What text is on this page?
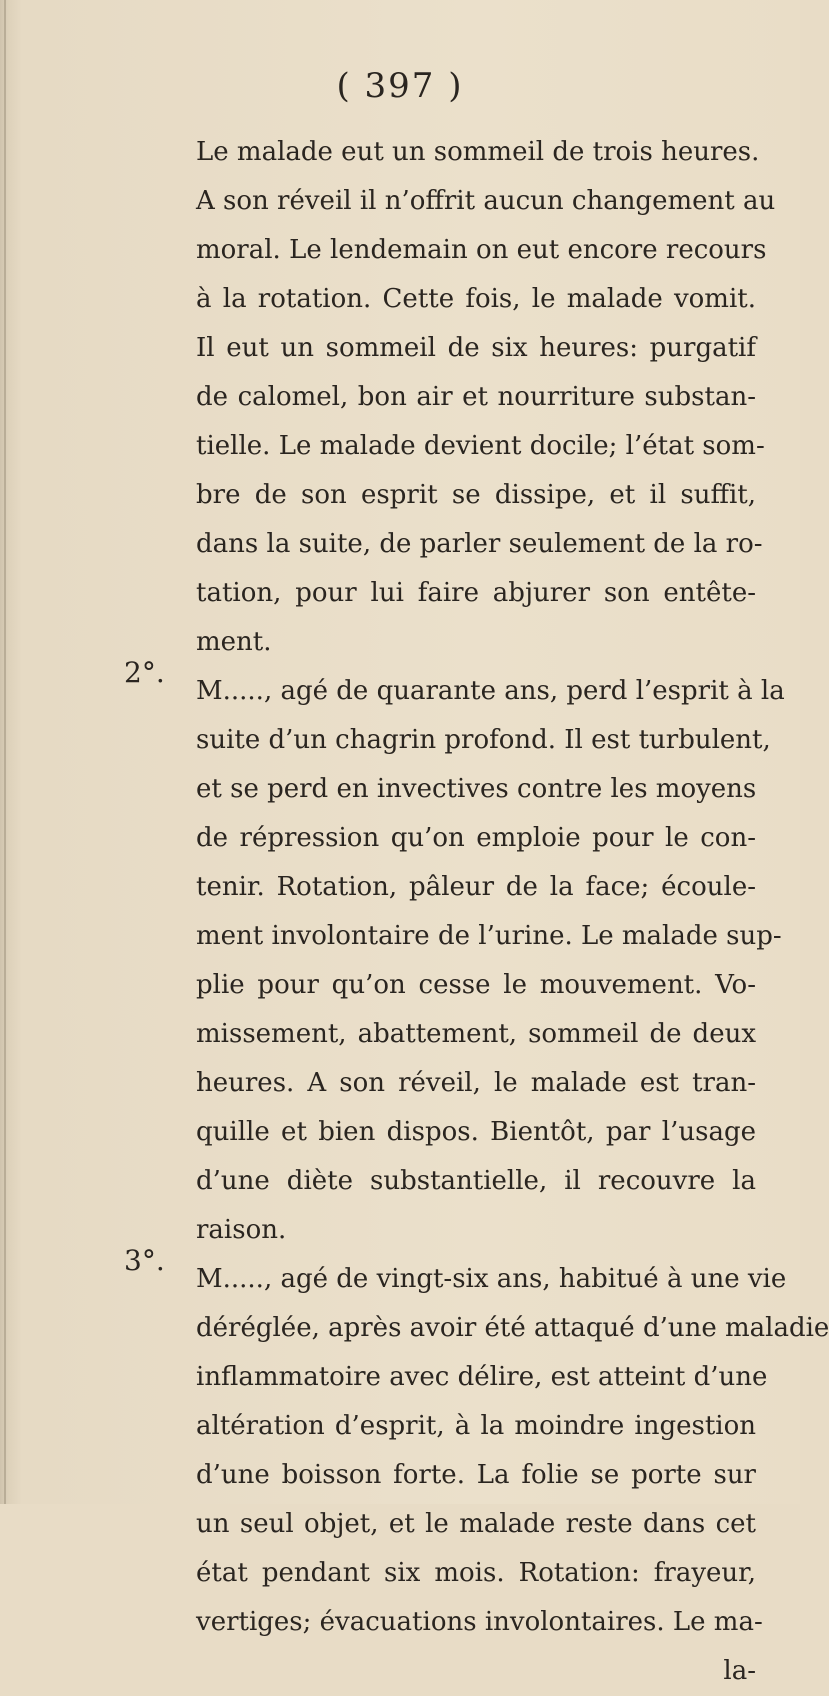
( 397 )
2°.
3°.
Le malade eut un sommeil de trois heures.
A son réveil il n’offrit aucun changement au
moral. Le lendemain on eut encore recours
à la rotation. Cette fois, le malade vomit.
Il eut un sommeil de six heures: purgatif
de calomel, bon air et nourriture substan-
tielle. Le malade devient docile; l’état som-
bre de son esprit se dissipe, et il suffit,
dans la suite, de parler seulement de la ro-
tation, pour lui faire abjurer son entête-
ment.
M....., agé de quarante ans, perd l’esprit à la
suite d’un chagrin profond. Il est turbulent,
et se perd en invectives contre les moyens
de répression qu’on emploie pour le con-
tenir. Rotation, pâleur de la face; écoule-
ment involontaire de l’urine. Le malade sup-
plie pour qu’on cesse le mouvement. Vo-
missement, abattement, sommeil de deux
heures. A son réveil, le malade est tran-
quille et bien dispos. Bientôt, par l’usage
d’une diète substantielle, il recouvre la
raison.
M....., agé de vingt-six ans, habitué à une vie
déréglée, après avoir été attaqué d’une maladie
inflammatoire avec délire, est atteint d’une
altération d’esprit, à la moindre ingestion
d’une boisson forte. La folie se porte sur
un seul objet, et le malade reste dans cet
état pendant six mois. Rotation: frayeur,
vertiges; évacuations involontaires. Le ma-
la-
